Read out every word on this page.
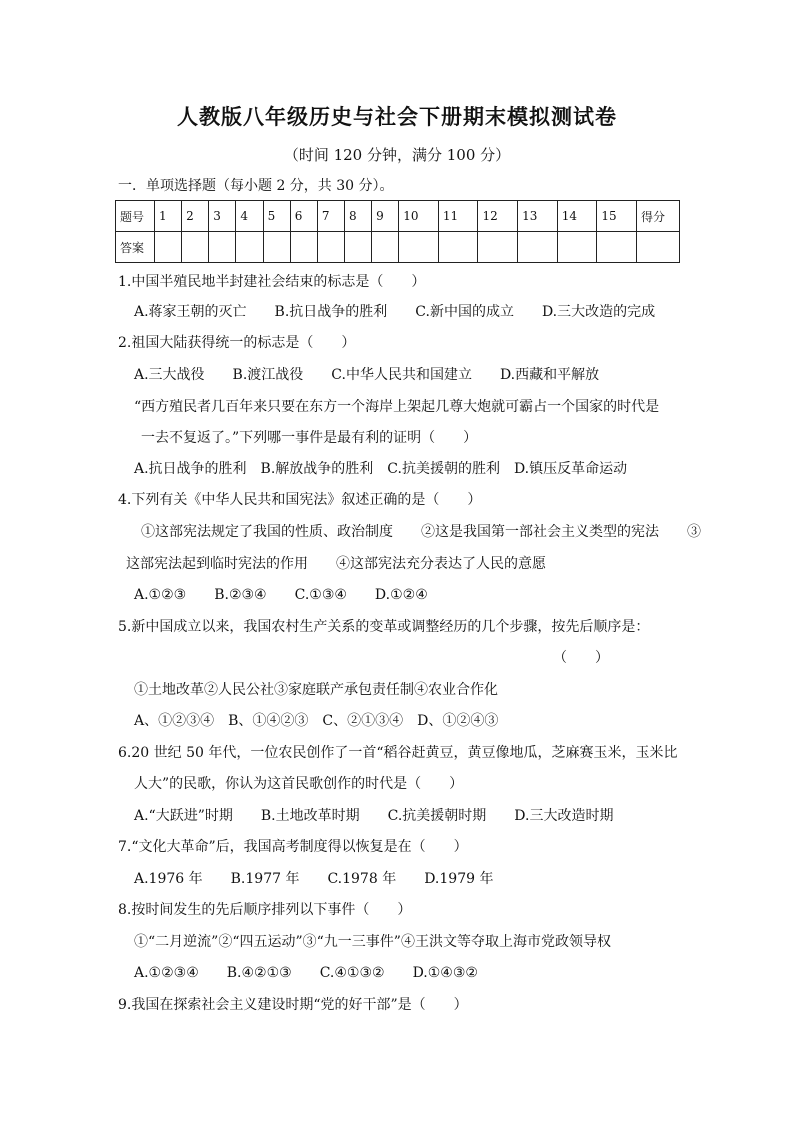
人教版八年级历史与社会下册期末模拟测试卷
（时间 120 分钟，满分 100 分）
一．单项选择题（每小题 2 分，共 30 分）。
题号	1	2	3	4	5	6	7	8	9	10	11	12	13	14	15	得分
答案																
1.中国半殖民地半封建社会结束的标志是（　　）
A.蒋家王朝的灭亡　　B.抗日战争的胜利　　C.新中国的成立　　D.三大改造的完成
2.祖国大陆获得统一的标志是（　　）
A.三大战役　　B.渡江战役　　C.中华人民共和国建立　　D.西藏和平解放
“西方殖民者几百年来只要在东方一个海岸上架起几尊大炮就可霸占一个国家的时代是
一去不复返了。”下列哪一事件是最有利的证明（　　）
A.抗日战争的胜利　B.解放战争的胜利　C.抗美援朝的胜利　D.镇压反革命运动
4.下列有关《中华人民共和国宪法》叙述正确的是（　　）
①这部宪法规定了我国的性质、政治制度　　②这是我国第一部社会主义类型的宪法　　③
这部宪法起到临时宪法的作用　　④这部宪法充分表达了人民的意愿
A.①②③　　B.②③④　　C.①③④　　D.①②④
5.新中国成立以来，我国农村生产关系的变革或调整经历的几个步骤，按先后顺序是：
（　　）
①土地改革②人民公社③家庭联产承包责任制④农业合作化
A、①②③④　B、①④②③　C、②①③④　D、①②④③
6.20 世纪 50 年代，一位农民创作了一首“稻谷赶黄豆，黄豆像地瓜，芝麻赛玉米，玉米比
人大”的民歌，你认为这首民歌创作的时代是（　　）
A.“大跃进”时期　　B.土地改革时期　　C.抗美援朝时期　　D.三大改造时期
7.“文化大革命”后，我国高考制度得以恢复是在（　　）
A.1976 年　　B.1977 年　　C.1978 年　　D.1979 年
8.按时间发生的先后顺序排列以下事件（　　）
①“二月逆流”②“四五运动”③“九一三事件”④王洪文等夺取上海市党政领导权
A.①②③④　　B.④②①③　　C.④①③②　　D.①④③②
9.我国在探索社会主义建设时期“党的好干部”是（　　）
